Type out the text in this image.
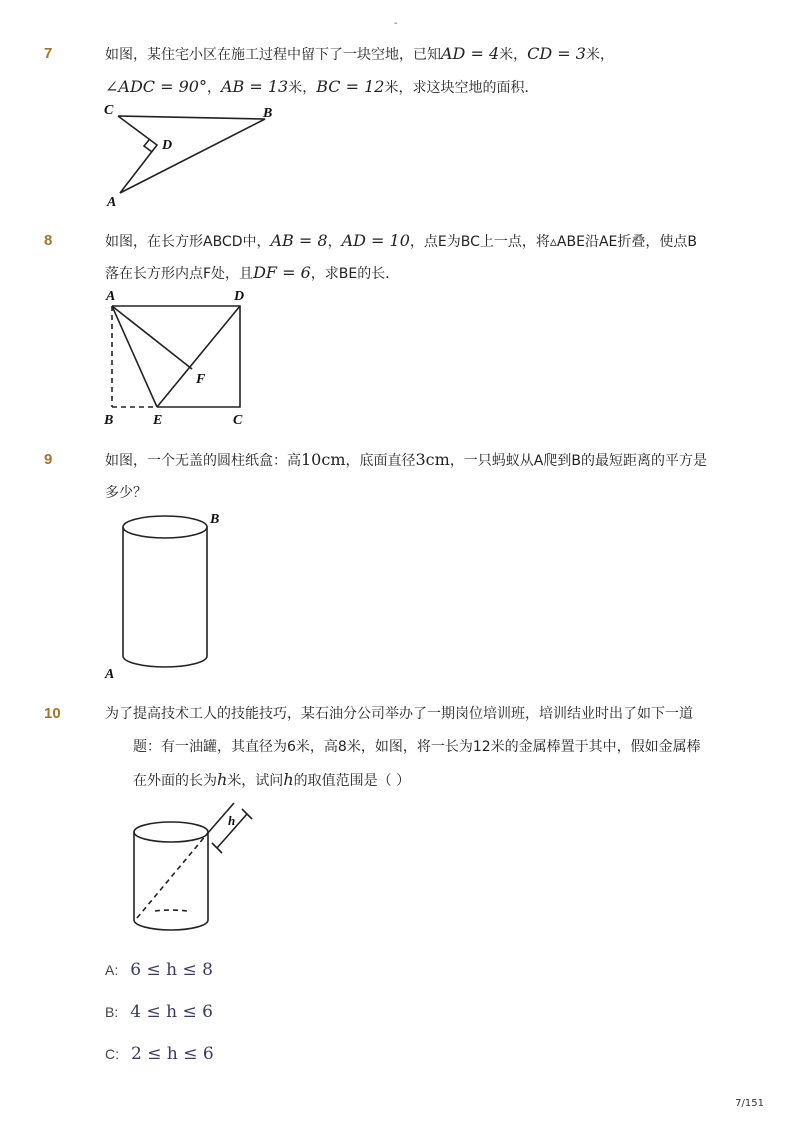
-
7	如图，某住宅小区在施工过程中留下了一块空地，已知AD = 4米，CD = 3米，
∠ADC = 90°，AB = 13米，BC = 12米，求这块空地的面积．
C	B
D
A
8	如图，在长方形ABCD中，AB = 8，AD = 10，点E为BC上一点，将▵ABE沿AE折叠，使点B
落在长方形内点F处，且DF = 6，求BE的长．
A	D
F
B	E	C
9	如图，一个无盖的圆柱纸盒：高10cm，底面直径3cm，一只蚂蚁从A爬到B的最短距离的平方是
多少？
B
A
10	为了提高技术工人的技能技巧，某石油分公司举办了一期岗位培训班，培训结业时出了如下一道
题：有一油罐，其直径为6米，高8米，如图，将一长为12米的金属棒置于其中，假如金属棒
在外面的长为h米，试问h的取值范围是（ ）
h
A: 6 ≤ h ≤ 8
B: 4 ≤ h ≤ 6
C: 2 ≤ h ≤ 6
7/151
